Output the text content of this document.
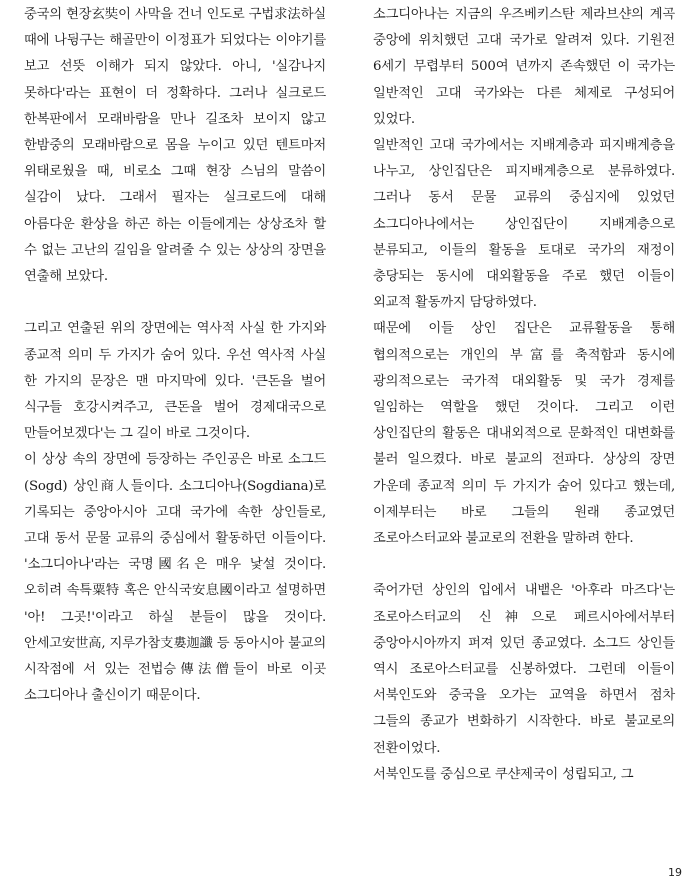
중국의 현장玄奘이 사막을 건너 인도로 구법求法하실 때에 나뒹구는 해골만이 이정표가 되었다는 이야기를 보고 선뜻 이해가 되지 않았다. 아니, '실감나지 못하다'라는 표현이 더 정확하다. 그러나 실크로드 한복판에서 모래바람을 만나 길조차 보이지 않고 한밤중의 모래바람으로 몸을 누이고 있던 텐트마저 위태로웠을 때, 비로소 그때 현장 스님의 말씀이 실감이 났다. 그래서 필자는 실크로드에 대해 아름다운 환상을 하곤 하는 이들에게는 상상조차 할 수 없는 고난의 길임을 알려줄 수 있는 상상의 장면을 연출해 보았다.

그리고 연출된 위의 장면에는 역사적 사실 한 가지와 종교적 의미 두 가지가 숨어 있다. 우선 역사적 사실 한 가지의 문장은 맨 마지막에 있다. '큰돈을 벌어 식구들 호강시켜주고, 큰돈을 벌어 경제대국으로 만들어보겠다'는 그 길이 바로 그것이다.

이 상상 속의 장면에 등장하는 주인공은 바로 소그드(Sogd) 상인商人들이다. 소그디아나(Sogdiana)로 기록되는 중앙아시아 고대 국가에 속한 상인들로, 고대 동서 문물 교류의 중심에서 활동하던 이들이다. '소그디아나'라는 국명國名은 매우 낯설 것이다. 오히려 속특粟特 혹은 안식국安息國이라고 설명하면 '아! 그곳!'이라고 하실 분들이 많을 것이다. 안세고安世高, 지루가참支婁迦讖 등 동아시아 불교의 시작점에 서 있는 전법승傳法僧들이 바로 이곳 소그디아나 출신이기 때문이다.

소그디아나는 지금의 우즈베키스탄 제라브샨의 계곡 중앙에 위치했던 고대 국가로 알려져 있다. 기원전 6세기 무렵부터 500여 년까지 존속했던 이 국가는 일반적인 고대 국가와는 다른 체제로 구성되어 있었다.

일반적인 고대 국가에서는 지배계층과 피지배계층을 나누고, 상인집단은 피지배계층으로 분류하였다. 그러나 동서 문물 교류의 중심지에 있었던 소그디아나에서는 상인집단이 지배계층으로 분류되고, 이들의 활동을 토대로 국가의 재정이 충당되는 동시에 대외활동을 주로 했던 이들이 외교적 활동까지 담당하였다.

때문에 이들 상인 집단은 교류활동을 통해 협의적으로는 개인의 부富를 축적함과 동시에 광의적으로는 국가적 대외활동 및 국가 경제를 일임하는 역할을 했던 것이다. 그리고 이런 상인집단의 활동은 대내외적으로 문화적인 대변화를 불러 일으켰다. 바로 불교의 전파다. 상상의 장면 가운데 종교적 의미 두 가지가 숨어 있다고 했는데, 이제부터는 바로 그들의 원래 종교였던 조로아스터교와 불교로의 전환을 말하려 한다.

죽어가던 상인의 입에서 내뱉은 '아후라 마즈다'는 조로아스터교의 신神으로 페르시아에서부터 중앙아시아까지 퍼져 있던 종교였다. 소그드 상인들 역시 조로아스터교를 신봉하였다. 그런데 이들이 서북인도와 중국을 오가는 교역을 하면서 점차 그들의 종교가 변화하기 시작한다. 바로 불교로의 전환이었다.

서북인도를 중심으로 쿠샨제국이 성립되고, 그

19
